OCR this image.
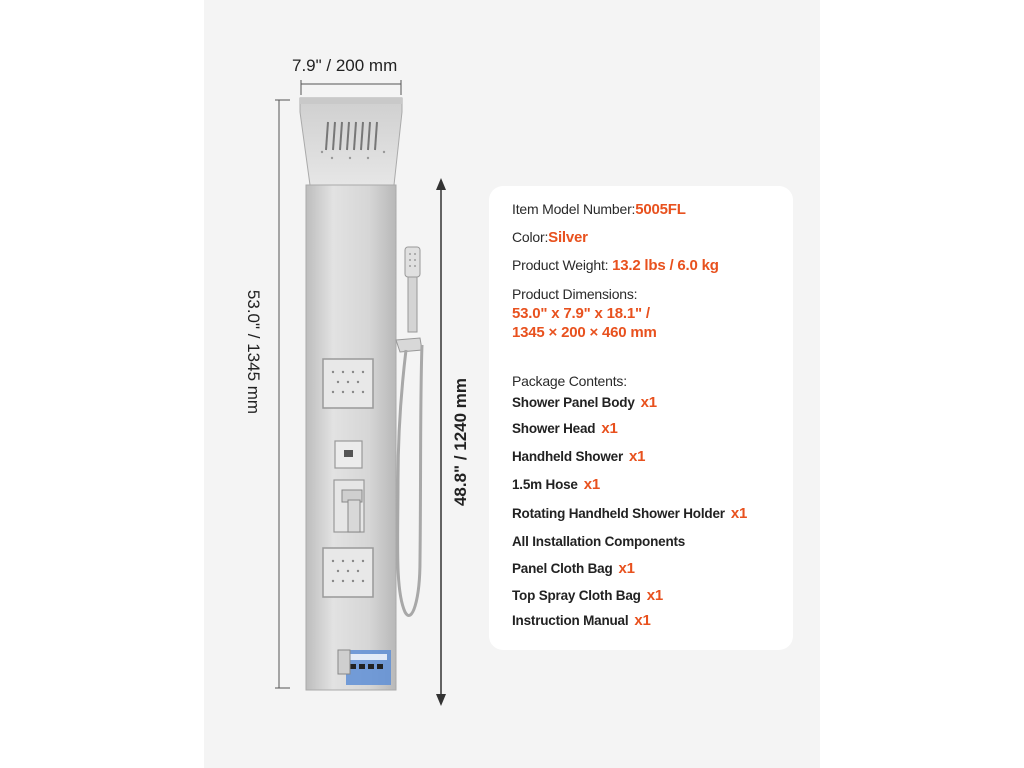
7.9" / 200 mm
53.0" / 1345 mm
48.8" / 1240 mm
Item Model Number:5005FL
Color:Silver
Product Weight: 13.2 lbs / 6.0 kg
Product Dimensions:
53.0" x 7.9" x 18.1" /
1345 × 200 × 460 mm
Package Contents:
Shower Panel Body x1
Shower Head x1
Handheld Shower x1
1.5m Hose x1
Rotating Handheld Shower Holder x1
All Installation Components
Panel Cloth Bag x1
Top Spray Cloth Bag x1
Instruction Manual x1
